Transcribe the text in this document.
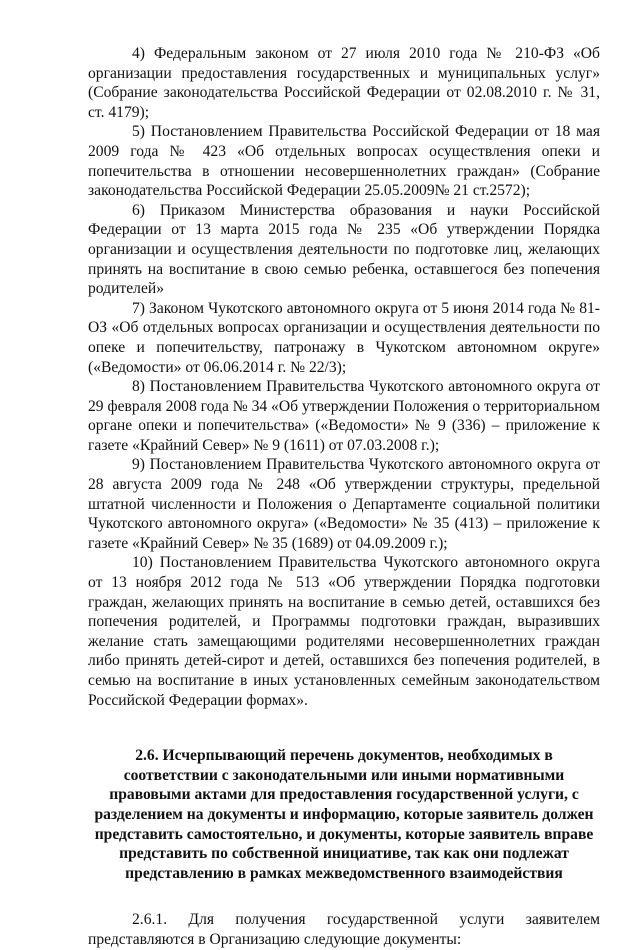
4) Федеральным законом от 27 июля 2010 года № 210-ФЗ «Об организации предоставления государственных и муниципальных услуг» (Собрание законодательства Российской Федерации от 02.08.2010 г. № 31, ст. 4179);

5) Постановлением Правительства Российской Федерации от 18 мая 2009 года № 423 «Об отдельных вопросах осуществления опеки и попечительства в отношении несовершеннолетних граждан» (Собрание законодательства Российской Федерации 25.05.2009№ 21 ст.2572);

6) Приказом Министерства образования и науки Российской Федерации от 13 марта 2015 года № 235 «Об утверждении Порядка организации и осуществления деятельности по подготовке лиц, желающих принять на воспитание в свою семью ребенка, оставшегося без попечения родителей»

7) Законом Чукотского автономного округа от 5 июня 2014 года № 81-ОЗ «Об отдельных вопросах организации и осуществления деятельности по опеке и попечительству, патронажу в Чукотском автономном округе» («Ведомости» от 06.06.2014 г. № 22/3);

8) Постановлением Правительства Чукотского автономного округа от 29 февраля 2008 года № 34 «Об утверждении Положения о территориальном органе опеки и попечительства» («Ведомости» № 9 (336) – приложение к газете «Крайний Север» № 9 (1611) от 07.03.2008 г.);

9) Постановлением Правительства Чукотского автономного округа от 28 августа 2009 года № 248 «Об утверждении структуры, предельной штатной численности и Положения о Департаменте социальной политики Чукотского автономного округа» («Ведомости» № 35 (413) – приложение к газете «Крайний Север» № 35 (1689) от 04.09.2009 г.);

10) Постановлением Правительства Чукотского автономного округа от 13 ноября 2012 года № 513 «Об утверждении Порядка подготовки граждан, желающих принять на воспитание в семью детей, оставшихся без попечения родителей, и Программы подготовки граждан, выразивших желание стать замещающими родителями несовершеннолетних граждан либо принять детей-сирот и детей, оставшихся без попечения родителей, в семью на воспитание в иных установленных семейным законодательством Российской Федерации формах».

2.6. Исчерпывающий перечень документов, необходимых в соответствии с законодательными или иными нормативными правовыми актами для предоставления государственной услуги, с разделением на документы и информацию, которые заявитель должен представить самостоятельно, и документы, которые заявитель вправе представить по собственной инициативе, так как они подлежат представлению в рамках межведомственного взаимодействия

2.6.1. Для получения государственной услуги заявителем представляются в Организацию следующие документы:
